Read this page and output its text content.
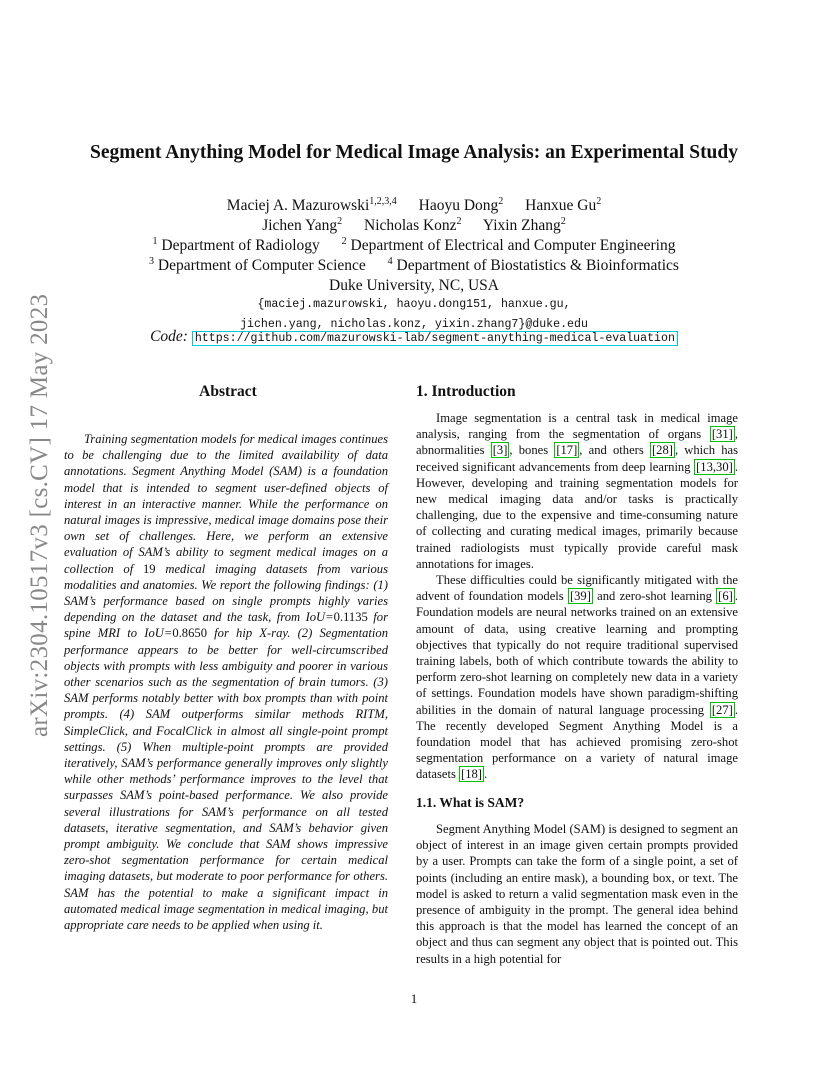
arXiv:2304.10517v3 [cs.CV] 17 May 2023
Segment Anything Model for Medical Image Analysis: an Experimental Study
Maciej A. Mazurowski$^{1,2,3,4}$ Haoyu Dong$^2$ Hanxue Gu$^2$
Jichen Yang$^2$ Nicholas Konz$^2$ Yixin Zhang$^2$
$^1$ Department of Radiology $^2$ Department of Electrical and Computer Engineering
$^3$ Department of Computer Science $^4$ Department of Biostatistics & Bioinformatics
Duke University, NC, USA
{maciej.mazurowski, haoyu.dong151, hanxue.gu,
jichen.yang, nicholas.konz, yixin.zhang7}@duke.edu
Code: https://github.com/mazurowski-lab/segment-anything-medical-evaluation
Abstract

Training segmentation models for medical images continues to be challenging due to the limited availability of data annotations. Segment Anything Model (SAM) is a foundation model that is intended to segment user-defined objects of interest in an interactive manner. While the performance on natural images is impressive, medical image domains pose their own set of challenges. Here, we perform an extensive evaluation of SAM’s ability to segment medical images on a collection of 19 medical imaging datasets from various modalities and anatomies. We report the following findings: (1) SAM’s performance based on single prompts highly varies depending on the dataset and the task, from IoU=0.1135 for spine MRI to IoU=0.8650 for hip X-ray. (2) Segmentation performance appears to be better for well-circumscribed objects with prompts with less ambiguity and poorer in various other scenarios such as the segmentation of brain tumors. (3) SAM performs notably better with box prompts than with point prompts. (4) SAM outperforms similar methods RITM, SimpleClick, and FocalClick in almost all single-point prompt settings. (5) When multiple-point prompts are provided iteratively, SAM’s performance generally improves only slightly while other methods’ performance improves to the level that surpasses SAM’s point-based performance. We also provide several illustrations for SAM’s performance on all tested datasets, iterative segmentation, and SAM’s behavior given prompt ambiguity. We conclude that SAM shows impressive zero-shot segmentation performance for certain medical imaging datasets, but moderate to poor performance for others. SAM has the potential to make a significant impact in automated medical image segmentation in medical imaging, but appropriate care needs to be applied when using it.

1. Introduction

Image segmentation is a central task in medical image analysis, ranging from the segmentation of organs [31] , abnormalities [3] , bones [17] , and others [28] , which has received significant advancements from deep learning [13,30] . However, developing and training segmentation models for new medical imaging data and/or tasks is practically challenging, due to the expensive and time-consuming nature of collecting and curating medical images, primarily because trained radiologists must typically provide careful mask annotations for images.

These difficulties could be significantly mitigated with the advent of foundation models [39] and zero-shot learning [6] . Foundation models are neural networks trained on an extensive amount of data, using creative learning and prompting objectives that typically do not require traditional supervised training labels, both of which contribute towards the ability to perform zero-shot learning on completely new data in a variety of settings. Foundation models have shown paradigm-shifting abilities in the domain of natural language processing [27] . The recently developed Segment Anything Model is a foundation model that has achieved promising zero-shot segmentation performance on a variety of natural image datasets [18] .

1.1. What is SAM?

Segment Anything Model (SAM) is designed to segment an object of interest in an image given certain prompts provided by a user. Prompts can take the form of a single point, a set of points (including an entire mask), a bounding box, or text. The model is asked to return a valid segmentation mask even in the presence of ambiguity in the prompt. The general idea behind this approach is that the model has learned the concept of an object and thus can segment any object that is pointed out. This results in a high potential for

1
